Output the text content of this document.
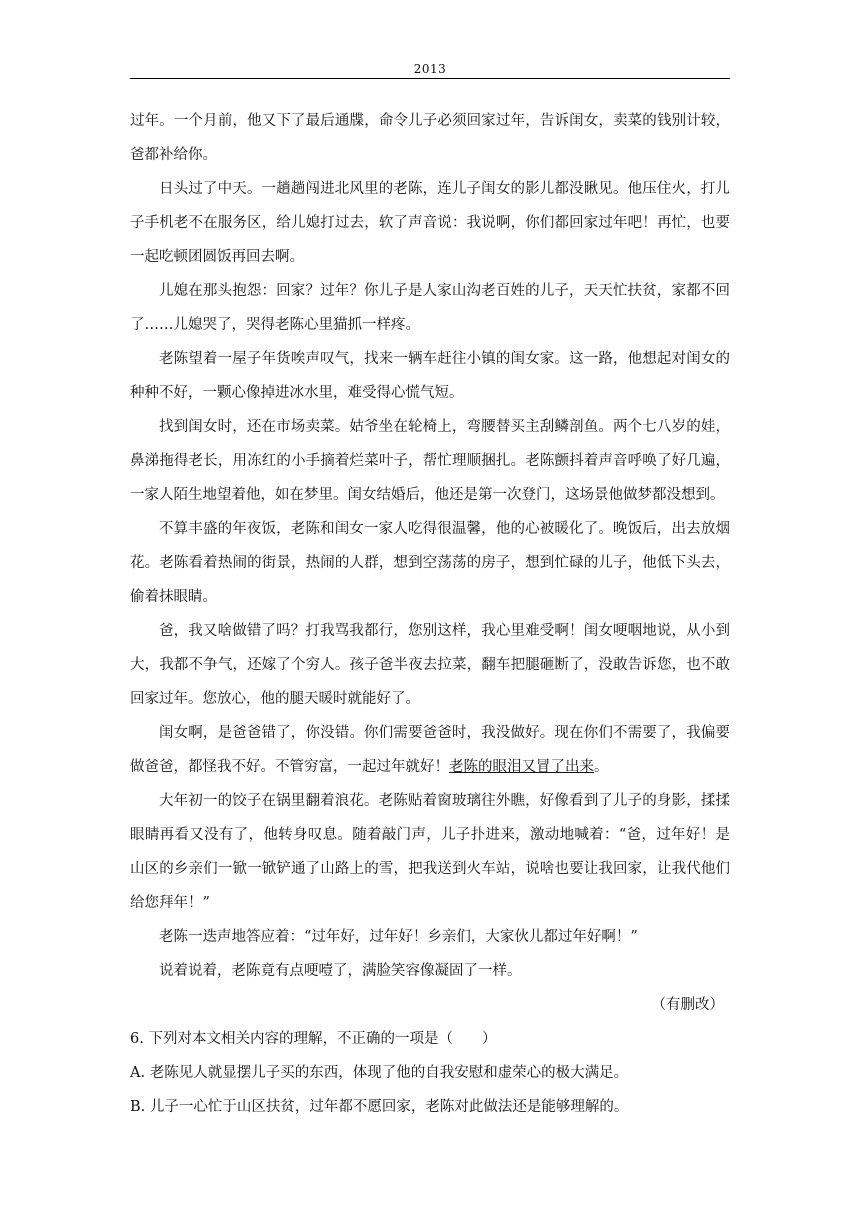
2013

过年。一个月前，他又下了最后通牒，命令儿子必须回家过年，告诉闺女，卖菜的钱别计较，爸都补给你。

日头过了中天。一趟趟闯进北风里的老陈，连儿子闺女的影儿都没瞅见。他压住火，打儿子手机老不在服务区，给儿媳打过去，软了声音说：我说啊，你们都回家过年吧！再忙，也要一起吃顿团圆饭再回去啊。

儿媳在那头抱怨：回家？过年？你儿子是人家山沟老百姓的儿子，天天忙扶贫，家都不回了……儿媳哭了，哭得老陈心里猫抓一样疼。

老陈望着一屋子年货唉声叹气，找来一辆车赶往小镇的闺女家。这一路，他想起对闺女的种种不好，一颗心像掉进冰水里，难受得心慌气短。

找到闺女时，还在市场卖菜。姑爷坐在轮椅上，弯腰替买主刮鳞剖鱼。两个七八岁的娃，鼻涕拖得老长，用冻红的小手摘着烂菜叶子，帮忙理顺捆扎。老陈颤抖着声音呼唤了好几遍，一家人陌生地望着他，如在梦里。闺女结婚后，他还是第一次登门，这场景他做梦都没想到。

不算丰盛的年夜饭，老陈和闺女一家人吃得很温馨，他的心被暖化了。晚饭后，出去放烟花。老陈看着热闹的街景，热闹的人群，想到空荡荡的房子，想到忙碌的儿子，他低下头去，偷着抹眼睛。

爸，我又啥做错了吗？打我骂我都行，您别这样，我心里难受啊！闺女哽咽地说，从小到大，我都不争气，还嫁了个穷人。孩子爸半夜去拉菜，翻车把腿砸断了，没敢告诉您，也不敢回家过年。您放心，他的腿天暖时就能好了。

闺女啊，是爸爸错了，你没错。你们需要爸爸时，我没做好。现在你们不需要了，我偏要做爸爸，都怪我不好。不管穷富，一起过年就好！老陈的眼泪又冒了出来。

大年初一的饺子在锅里翻着浪花。老陈贴着窗玻璃往外瞧，好像看到了儿子的身影，揉揉眼睛再看又没有了，他转身叹息。随着敲门声，儿子扑进来，激动地喊着：“爸，过年好！是山区的乡亲们一锨一锨铲通了山路上的雪，把我送到火车站，说啥也要让我回家，让我代他们给您拜年！”

老陈一迭声地答应着：“过年好，过年好！乡亲们，大家伙儿都过年好啊！”

说着说着，老陈竟有点哽噎了，满脸笑容像凝固了一样。

（有删改）

6. 下列对本文相关内容的理解，不正确的一项是（　　）

A. 老陈见人就显摆儿子买的东西，体现了他的自我安慰和虚荣心的极大满足。

B. 儿子一心忙于山区扶贫，过年都不愿回家，老陈对此做法还是能够理解的。
